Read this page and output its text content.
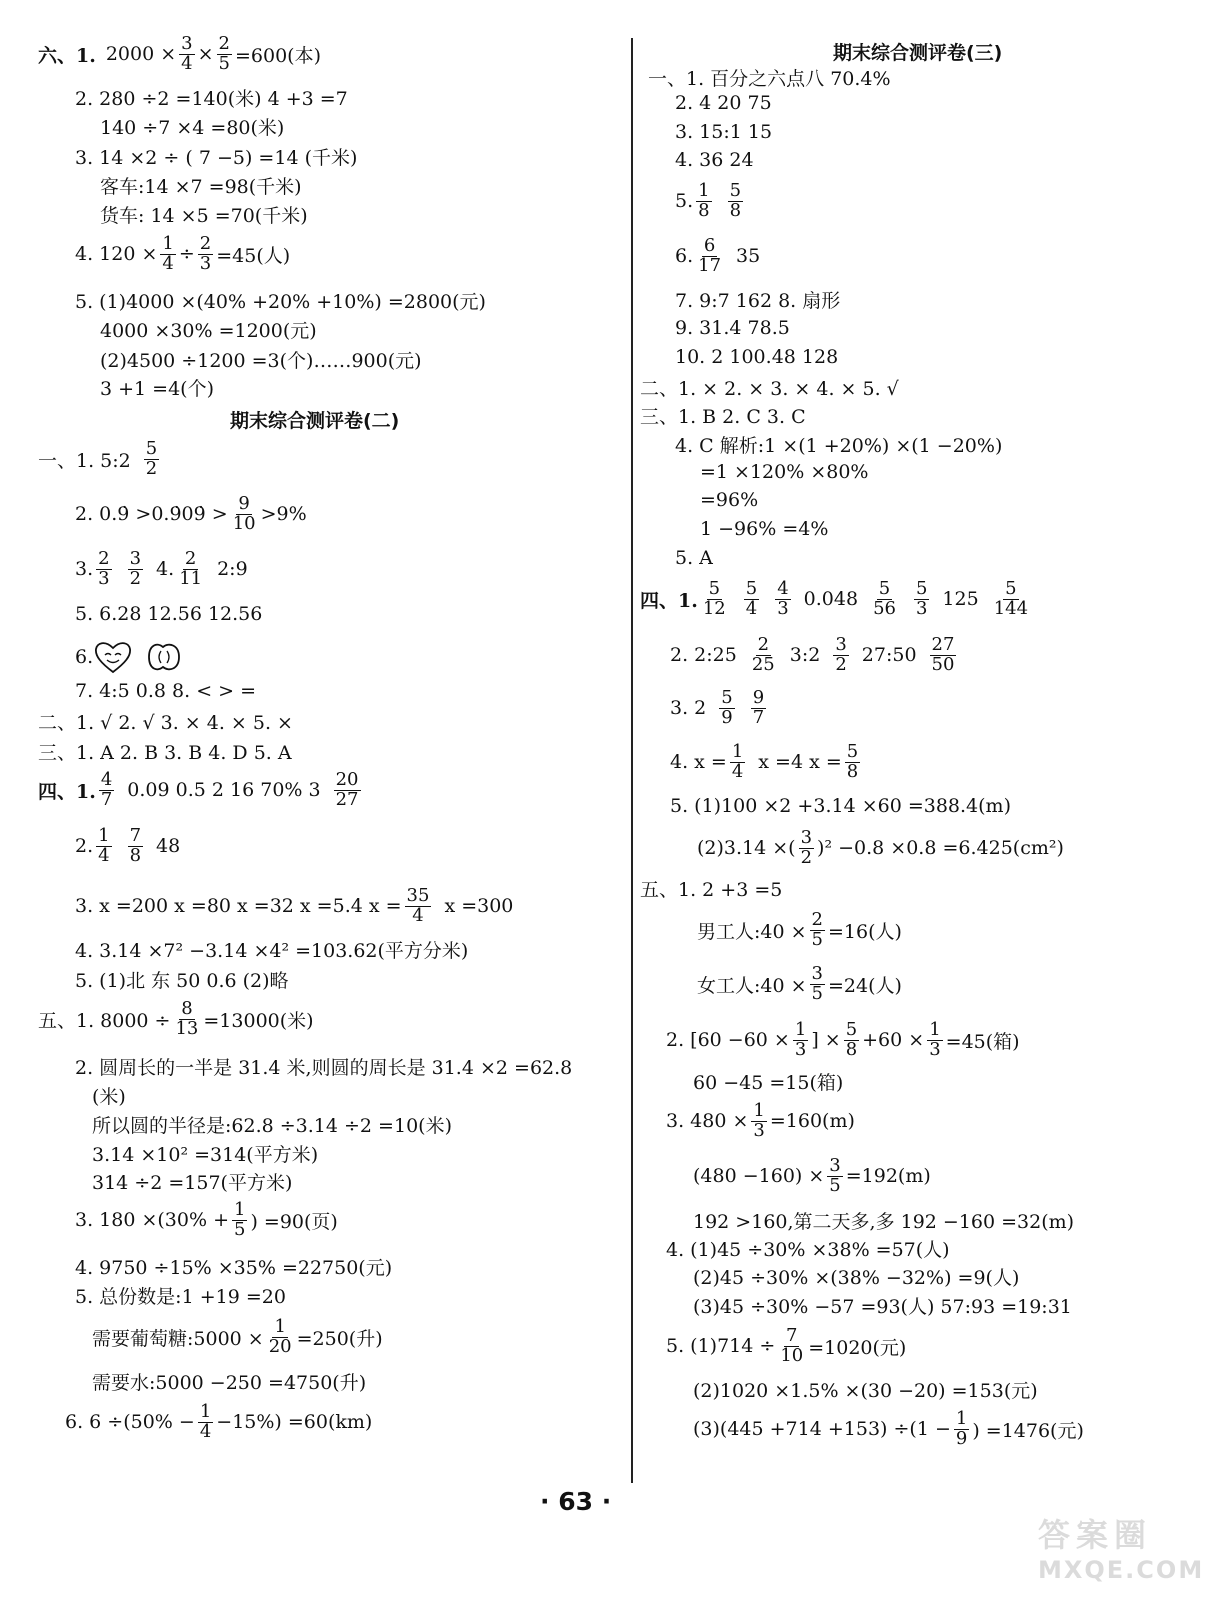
六、1. $2000 \times \frac{3}{4} \times \frac{2}{5} =600$(本)
2. 280 ÷2 =140(米) 4 +3 =7
140 ÷7 ×4 =80(米)
3. 14 ×2 ÷ ( 7 −5) =14 (千米)
客车:14 ×7 =98(千米)
货车: 14 ×5 =70(千米)
4. $120 \times \frac{1}{4} \div \frac{2}{3} =45$(人)
5. (1)4000 ×(40% +20% +10%) =2800(元)
4000 ×30% =1200(元)
(2)4500 ÷1200 =3(个)……900(元)
3 +1 =4(个)
期末综合测评卷(二)
一、1. 5:2 $\frac{5}{2}$
2. 0.9̇ >0.9̇09̇ > $\frac{9}{10} >9\%$
3. $\frac{2}{3} \frac{3}{2} 4$. $\frac{2}{11}$ 2:9
5. 6.28 12.56 12.56
6.
7. 4:5 0.8 8. < > =
二、1. √ 2. √ 3. × 4. × 5. ×
三、1. A 2. B 3. B 4. D 5. A
四、1. $\frac{4}{7} 0.09$ 0.5 2 16 70% $3 \frac{20}{27}$
2. $\frac{1}{4} \frac{7}{8} 48$
3. x =200 x =80 x =32 x =5.4 $x = \frac{35}{4}$ x =300
4. 3.14 ×7² −3.14 ×4² =103.62(平方分米)
5. (1)北 东 50 0.6 (2)略
五、1. $8000 \div \frac{8}{13} =13000$(米)
2. 圆周长的一半是 31.4 米,则圆的周长是 31.4 ×2 =62.8
(米)
所以圆的半径是:62.8 ÷3.14 ÷2 =10(米)
3.14 ×10² =314(平方米)
314 ÷2 =157(平方米)
3. $180 \times(30\% + \frac{1}{5}$ ) =90(页)
4. 9750 ÷15% ×35% =22750(元)
5. 总份数是:1 +19 =20
需要葡萄糖:5000 × $\frac{1}{20} =250$(升)
需要水:5000 −250 =4750(升)
6. $6 \div(50\% - \frac{1}{4} -15\%) =60(km)$
期末综合测评卷(三)
一、1. 百分之六点八 70.4%
2. 4 20 75
3. 15:1 15
4. 36 24
5. $\frac{1}{8} \frac{5}{8}$
6. $\frac{6}{17} 35$
7. 9:7 162 8. 扇形
9. 31.4 78.5
10. 2 100.48 128
二、1. × 2. × 3. × 4. × 5. √
三、1. B 2. C 3. C
4. C 解析:1 ×(1 +20%) ×(1 −20%)
=1 ×120% ×80%
=96%
1 −96% =4%
5. A
四、1. $\frac{5}{12} \frac{5}{4} \frac{4}{3} 0.048 \frac{5}{56} \frac{5}{3} 125 \frac{5}{144}$
2. 2:25 $\frac{2}{25}$ 3:2 $\frac{3}{2}$ 27:50 $\frac{27}{50}$
3. $2 \frac{5}{9} \frac{9}{7}$
4. $x = \frac{1}{4}$ x =4 $x = \frac{5}{8}$
5. (1)100 ×2 +3.14 ×60 =388.4(m)
(2)3.14 ×( $\frac{3}{2} )^2 -0.8 \times 0.8 =6.425(cm^2)$
五、1. 2 +3 =5
男工人:40 × $\frac{2}{5} =16$(人)
女工人:40 × $\frac{3}{5} =24$(人)
2. [$60 -60 \times \frac{1}{3}$ ] × $\frac{5}{8} +60 \times \frac{1}{3} =45$(箱)
60 −45 =15(箱)
3. $480 \times \frac{1}{3} =160(m)$
$(480 -160) \times \frac{3}{5} =192(m)$
192 >160,第二天多,多 192 −160 =32(m)
4. (1)45 ÷30% ×38% =57(人)
(2)45 ÷30% ×(38% −32%) =9(人)
(3)45 ÷30% −57 =93(人) 57:93 =19:31
5. $(1)714 \div \frac{7}{10} =1020$(元)
(2)1020 ×1.5% ×(30 −20) =153(元)
$(3)(445 +714 +153) \div(1 - \frac{1}{9}$ ) =1476(元)
· 63 ·
答案圈
MXQE.COM
